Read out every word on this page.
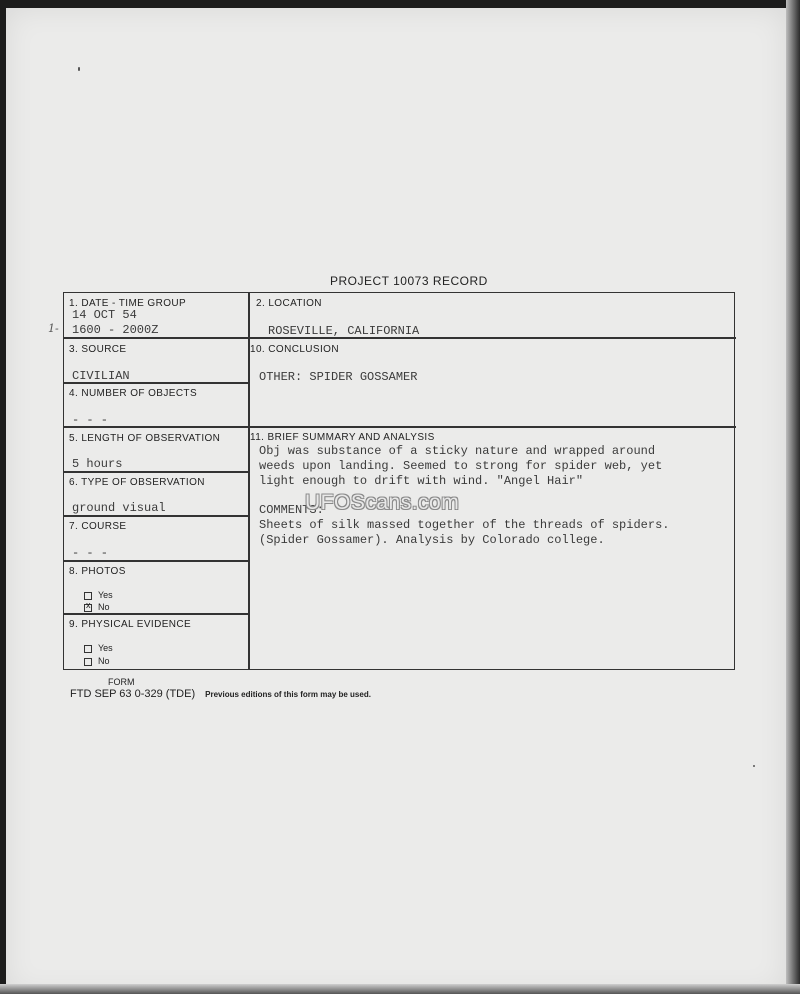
PROJECT 10073 RECORD
1-
1. DATE - TIME GROUP
14 OCT 54
1600 - 2000Z
2. LOCATION
ROSEVILLE, CALIFORNIA
3. SOURCE
CIVILIAN
10. CONCLUSION
OTHER: SPIDER GOSSAMER
4. NUMBER OF OBJECTS
- - -
5. LENGTH OF OBSERVATION
5 hours
11. BRIEF SUMMARY AND ANALYSIS
Obj was substance of a sticky nature and wrapped around
weeds upon landing. Seemed to strong for spider web, yet
light enough to drift with wind. "Angel Hair"
COMMENTS:
Sheets of silk massed together of the threads of spiders.
(Spider Gossamer). Analysis by Colorado college.
6. TYPE OF OBSERVATION
ground visual
7. COURSE
- - -
8. PHOTOS
Yes
x No
9. PHYSICAL EVIDENCE
Yes
No
UFOScans.com
FORM
FTD SEP 63 0-329 (TDE) Previous editions of this form may be used.
